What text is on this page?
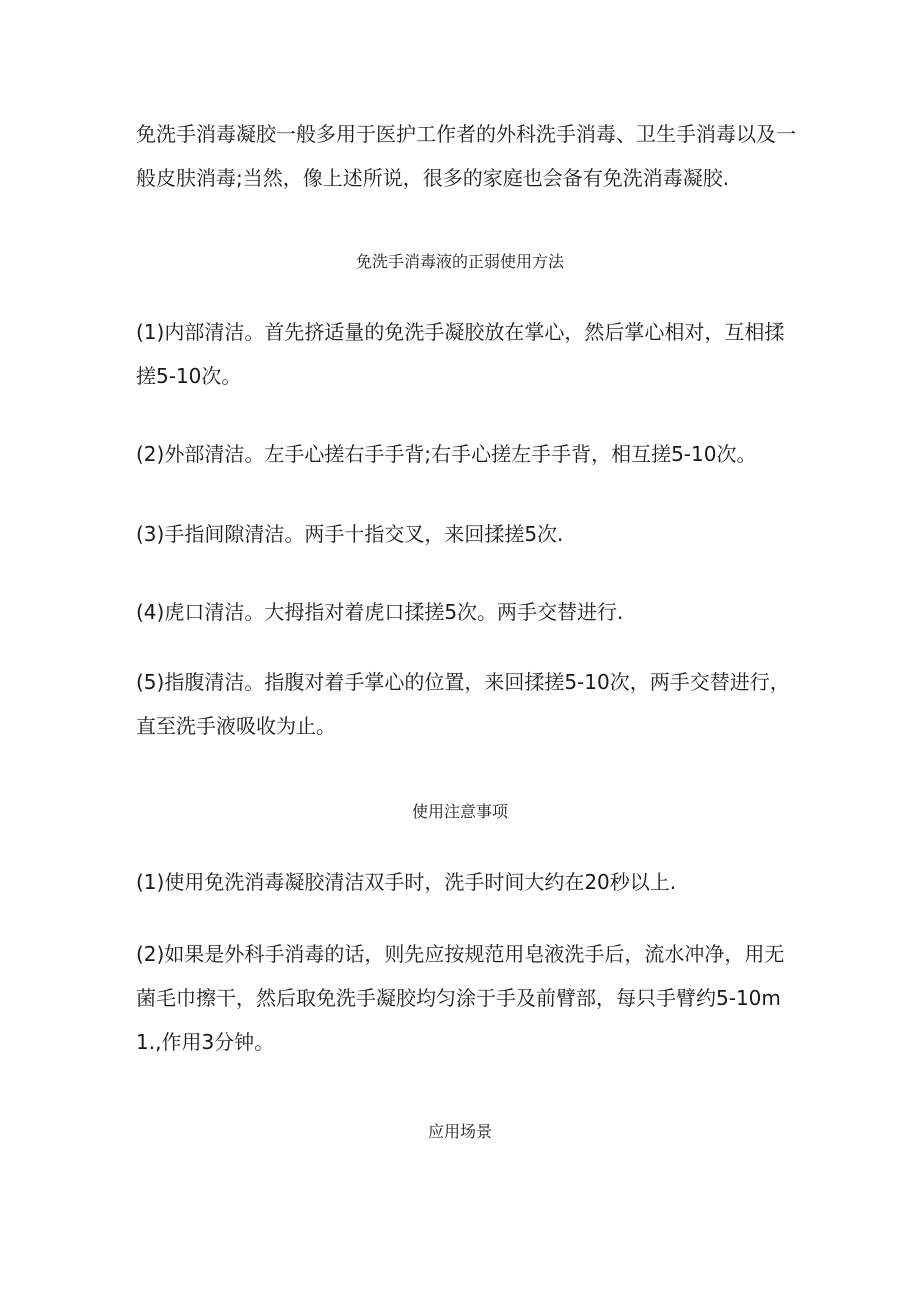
免洗手消毒凝胶一般多用于医护工作者的外科洗手消毒、卫生手消毒以及一般皮肤消毒;当然，像上述所说，很多的家庭也会备有免洗消毒凝胶.

免洗手消毒液的正弱使用方法

(1)内部清洁。首先挤适量的免洗手凝胶放在掌心，然后掌心相对，互相揉搓5-10次。

(2)外部清洁。左手心搓右手手背;右手心搓左手手背，相互搓5-10次。

(3)手指间隙清洁。两手十指交叉，来回揉搓5次.

(4)虎口清洁。大拇指对着虎口揉搓5次。两手交替进行.

(5)指腹清洁。指腹对着手掌心的位置，来回揉搓5-10次，两手交替进行，直至洗手液吸收为止。

使用注意事项

(1)使用免洗消毒凝胶清洁双手时，洗手时间大约在20秒以上.

(2)如果是外科手消毒的话，则先应按规范用皂液洗手后，流水冲净，用无菌毛巾擦干，然后取免洗手凝胶均匀涂于手及前臂部，每只手臂约5-10m1.,作用3分钟。

应用场景
